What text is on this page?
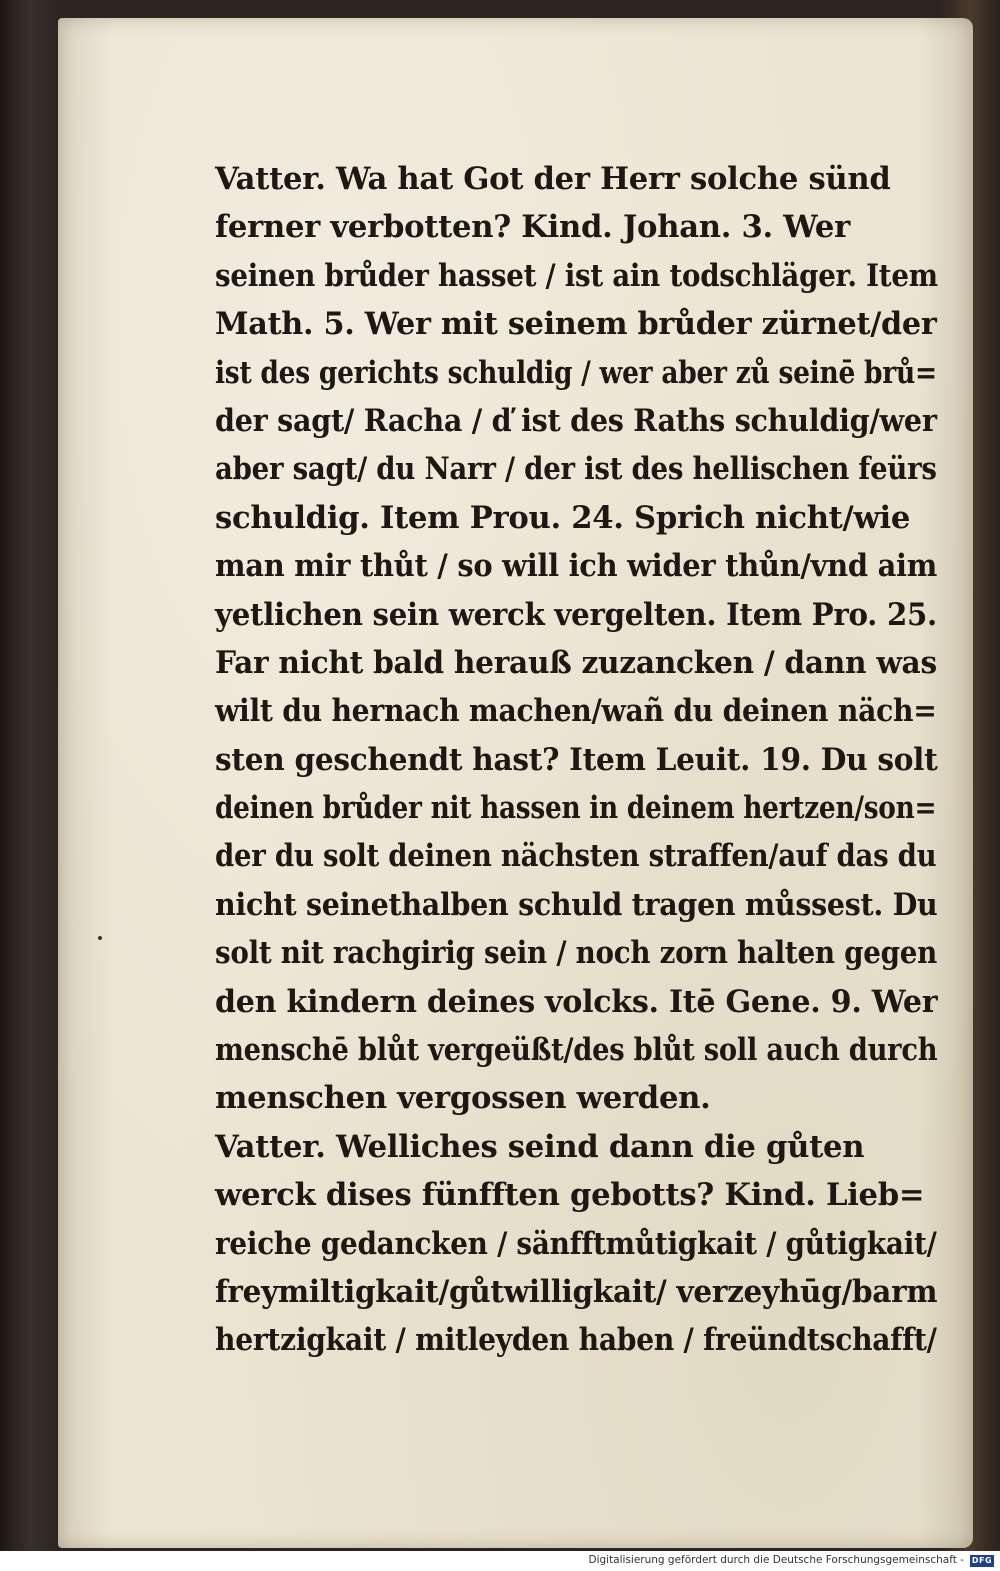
Vatter. Wa hat Got der Herr solche sünd
ferner verbotten? Kind. Johan. 3. Wer
seinen brůder hasset / ist ain todschläger. Item
Math. 5. Wer mit seinem brůder zürnet/der
ist des gerichts schuldig / wer aber zů seinē brů=
der sagt/ Racha / ď ist des Raths schuldig/wer
aber sagt/ du Narr / der ist des hellischen feürs
schuldig. Item Prou. 24. Sprich nicht/wie
man mir thůt / so will ich wider thůn/vnd aim
yetlichen sein werck vergelten. Item Pro. 25.
Far nicht bald herauß zuzancken / dann was
wilt du hernach machen/wañ du deinen näch=
sten geschendt hast? Item Leuit. 19. Du solt
deinen brůder nit hassen in deinem hertzen/son=
der du solt deinen nächsten straffen/auf das du
nicht seinethalben schuld tragen můssest. Du
solt nit rachgirig sein / noch zorn halten gegen
den kindern deines volcks. Itē Gene. 9. Wer
menschē blůt vergeüßt/des blůt soll auch durch
menschen vergossen werden.
Vatter. Welliches seind dann die gůten
werck dises fünfften gebotts? Kind. Lieb=
reiche gedancken / sänfftmůtigkait / gůtigkait/
freymiltigkait/gůtwilligkait/ verzeyhūg/barm
hertzigkait / mitleyden haben / freündtschafft/
Digitalisierung gefördert durch die Deutsche Forschungsgemeinschaft - DFG
